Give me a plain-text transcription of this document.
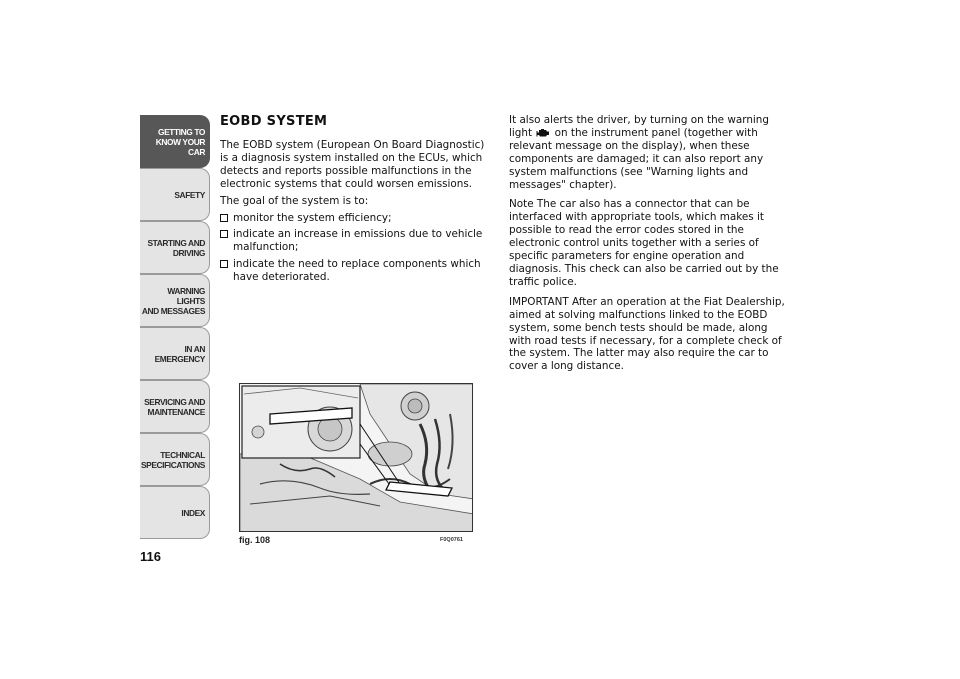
GETTING TO
KNOW YOUR CAR
SAFETY
STARTING AND
DRIVING
WARNING LIGHTS
AND MESSAGES
IN AN EMERGENCY
SERVICING AND
MAINTENANCE
TECHNICAL
SPECIFICATIONS
INDEX
116
EOBD SYSTEM

The EOBD system (European On Board Diagnostic) is a diagnosis system installed on the ECUs, which detects and reports possible malfunctions in the electronic systems that could worsen emissions.

The goal of the system is to:

monitor the system efficiency;
indicate an increase in emissions due to vehicle malfunction;
indicate the need to replace components which have deteriorated.

It also alerts the driver, by turning on the warning light on the instrument panel (together with relevant message on the display), when these components are damaged; it can also report any system malfunctions (see "Warning lights and messages" chapter).

Note The car also has a connector that can be interfaced with appropriate tools, which makes it possible to read the error codes stored in the electronic control units together with a series of specific parameters for engine operation and diagnosis. This check can also be carried out by the traffic police.

IMPORTANT After an operation at the Fiat Dealership, aimed at solving malfunctions linked to the EOBD system, some bench tests should be made, along with road tests if necessary, for a complete check of the system. The latter may also require the car to cover a long distance.

fig. 108	F0Q0761
